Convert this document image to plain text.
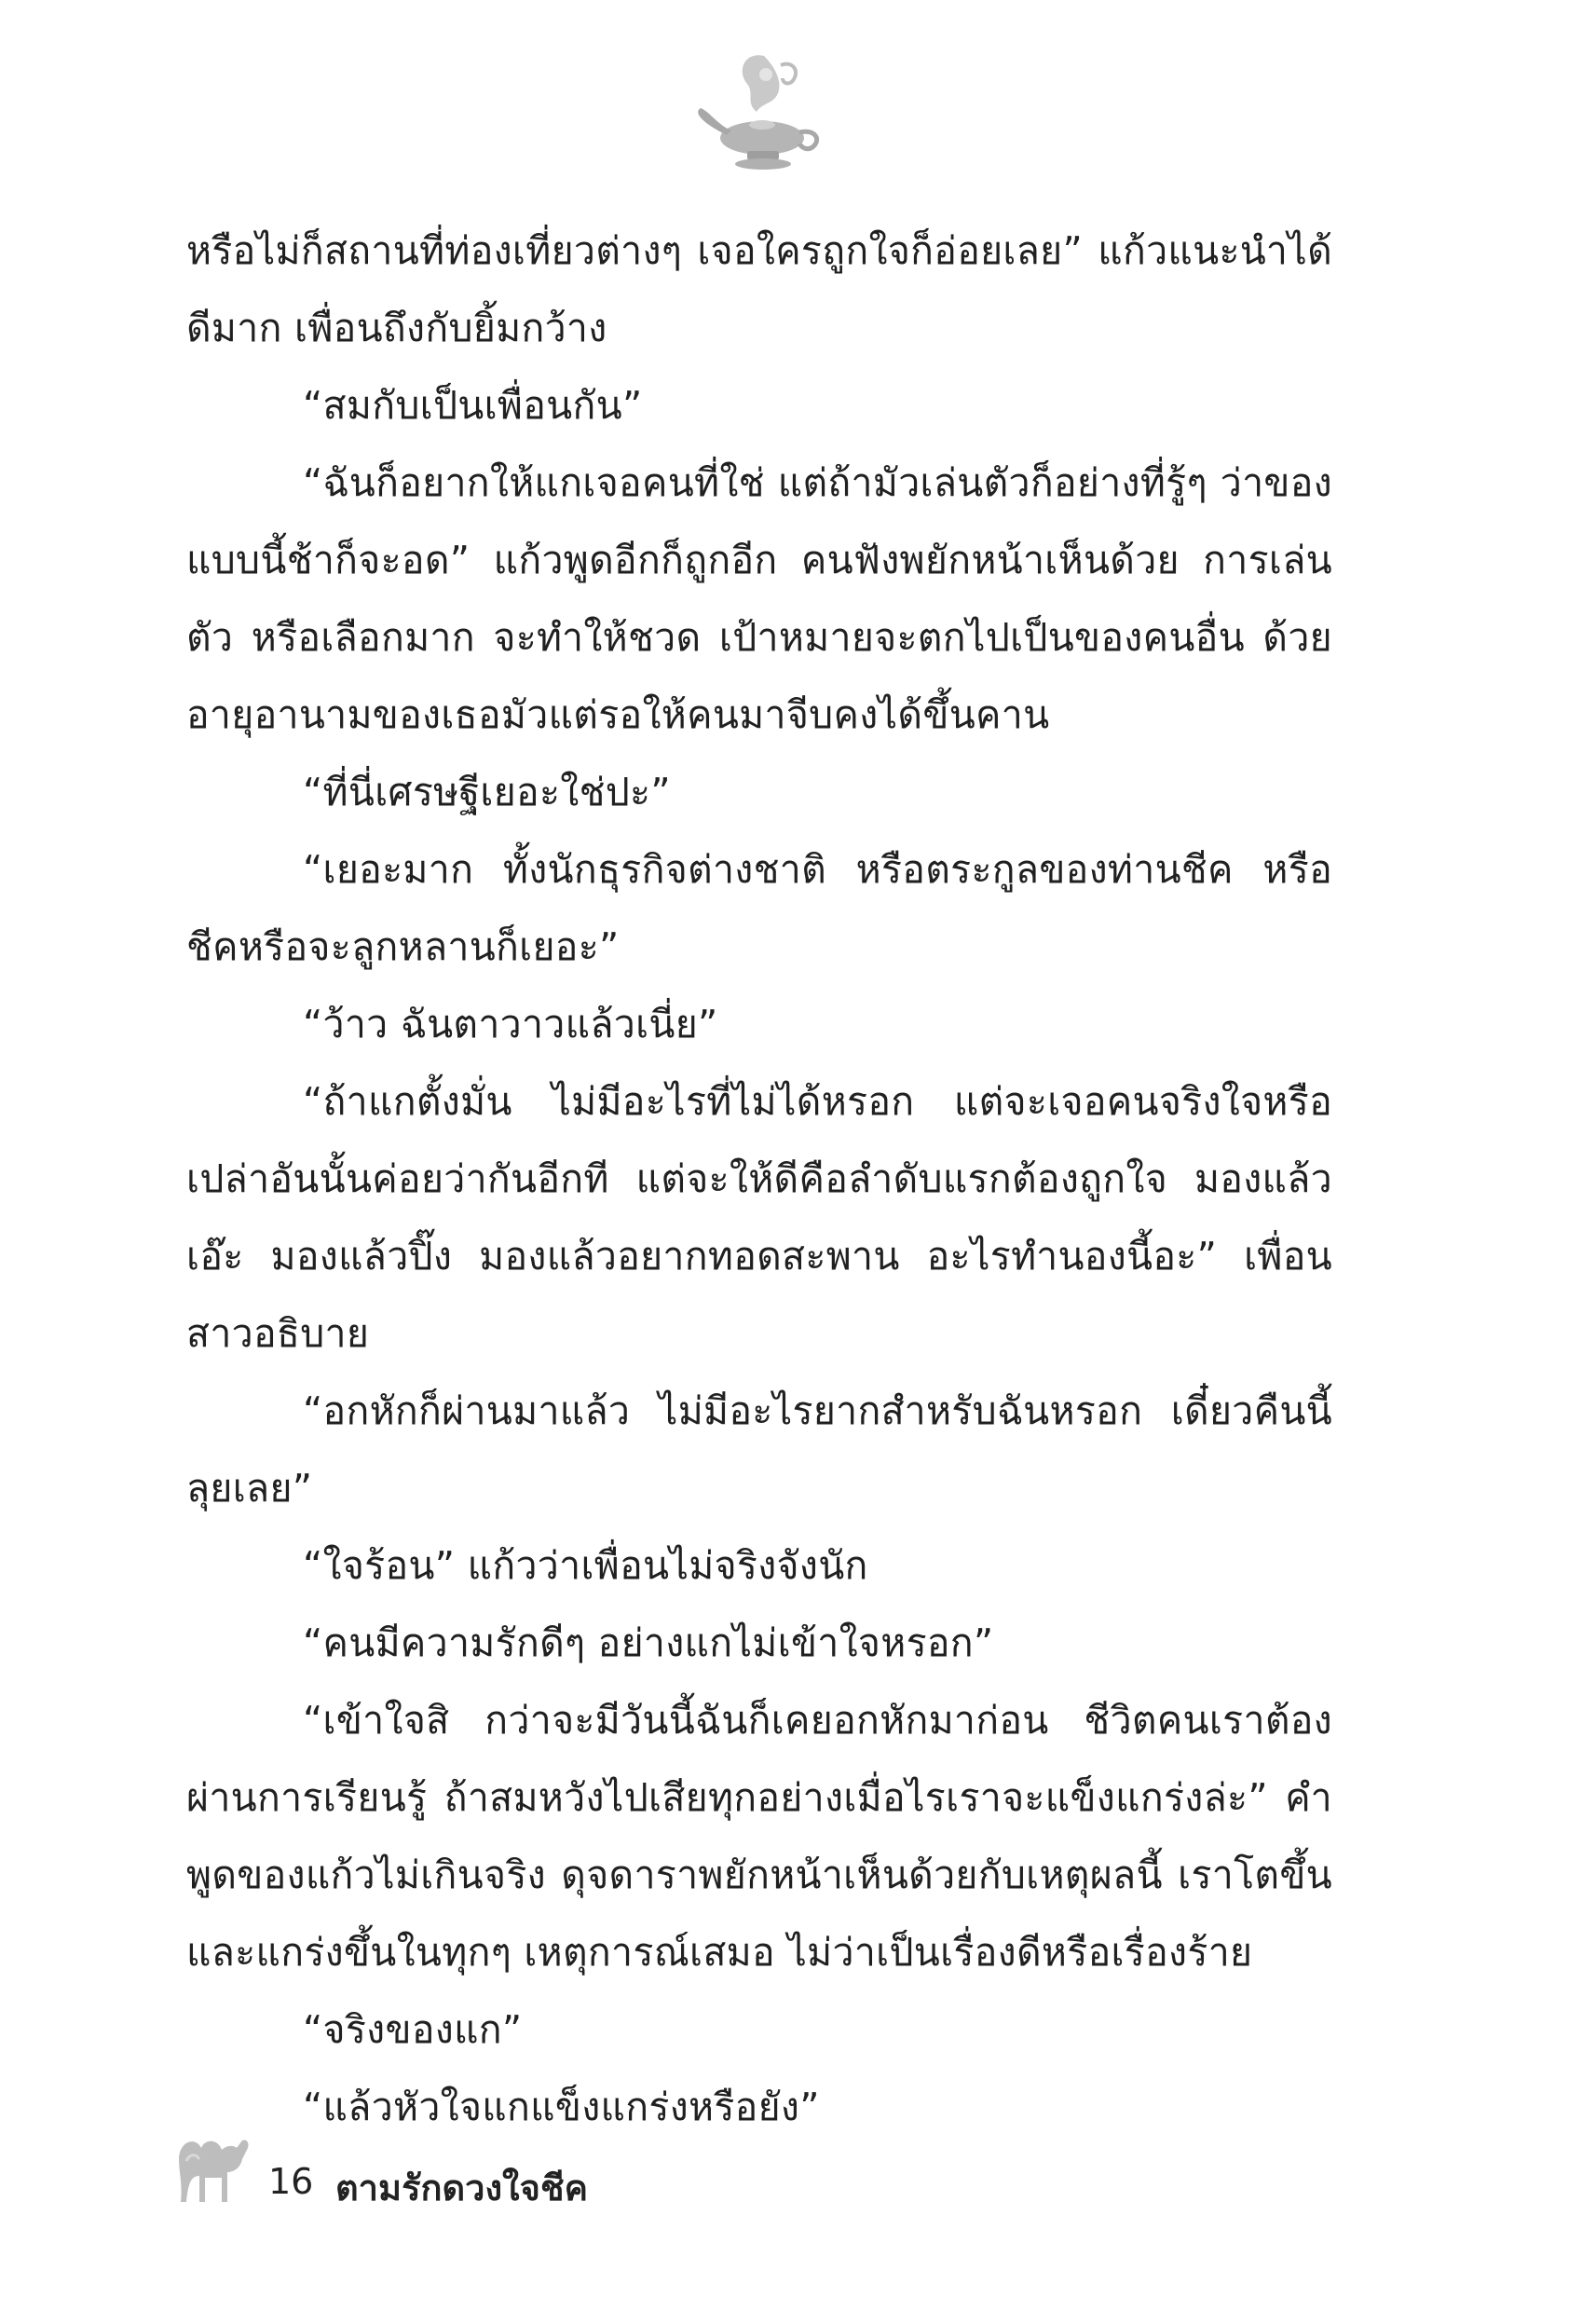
หรือไม่ก็สถานที่ท่องเที่ยวต่างๆ เจอใครถูกใจก็อ่อยเลย” แก้วแนะนำได้ดีมาก เพื่อนถึงกับยิ้มกว้าง

“สมกับเป็นเพื่อนกัน”

“ฉันก็อยากให้แกเจอคนที่ใช่ แต่ถ้ามัวเล่นตัวก็อย่างที่รู้ๆ ว่าของแบบนี้ช้าก็จะอด” แก้วพูดอีกก็ถูกอีก คนฟังพยักหน้าเห็นด้วย การเล่นตัว หรือเลือกมาก จะทำให้ชวด เป้าหมายจะตกไปเป็นของคนอื่น ด้วยอายุอานามของเธอมัวแต่รอให้คนมาจีบคงได้ขึ้นคาน

“ที่นี่เศรษฐีเยอะใช่ปะ”

“เยอะมาก ทั้งนักธุรกิจต่างชาติ หรือตระกูลของท่านชีค หรือชีคหรือจะลูกหลานก็เยอะ”

“ว้าว ฉันตาวาวแล้วเนี่ย”

“ถ้าแกตั้งมั่น ไม่มีอะไรที่ไม่ได้หรอก แต่จะเจอคนจริงใจหรือเปล่าอันนั้นค่อยว่ากันอีกที แต่จะให้ดีคือลำดับแรกต้องถูกใจ มองแล้วเอ๊ะ มองแล้วปิ๊ง มองแล้วอยากทอดสะพาน อะไรทำนองนี้อะ” เพื่อนสาวอธิบาย

“อกหักก็ผ่านมาแล้ว ไม่มีอะไรยากสำหรับฉันหรอก เดี๋ยวคืนนี้ลุยเลย”

“ใจร้อน” แก้วว่าเพื่อนไม่จริงจังนัก

“คนมีความรักดีๆ อย่างแกไม่เข้าใจหรอก”

“เข้าใจสิ กว่าจะมีวันนี้ฉันก็เคยอกหักมาก่อน ชีวิตคนเราต้องผ่านการเรียนรู้ ถ้าสมหวังไปเสียทุกอย่างเมื่อไรเราจะแข็งแกร่งล่ะ” คำพูดของแก้วไม่เกินจริง ดุจดาราพยักหน้าเห็นด้วยกับเหตุผลนี้ เราโตขึ้น และแกร่งขึ้นในทุกๆ เหตุการณ์เสมอ ไม่ว่าเป็นเรื่องดีหรือเรื่องร้าย

“จริงของแก”

“แล้วหัวใจแกแข็งแกร่งหรือยัง”

16 ตามรักดวงใจชีค
